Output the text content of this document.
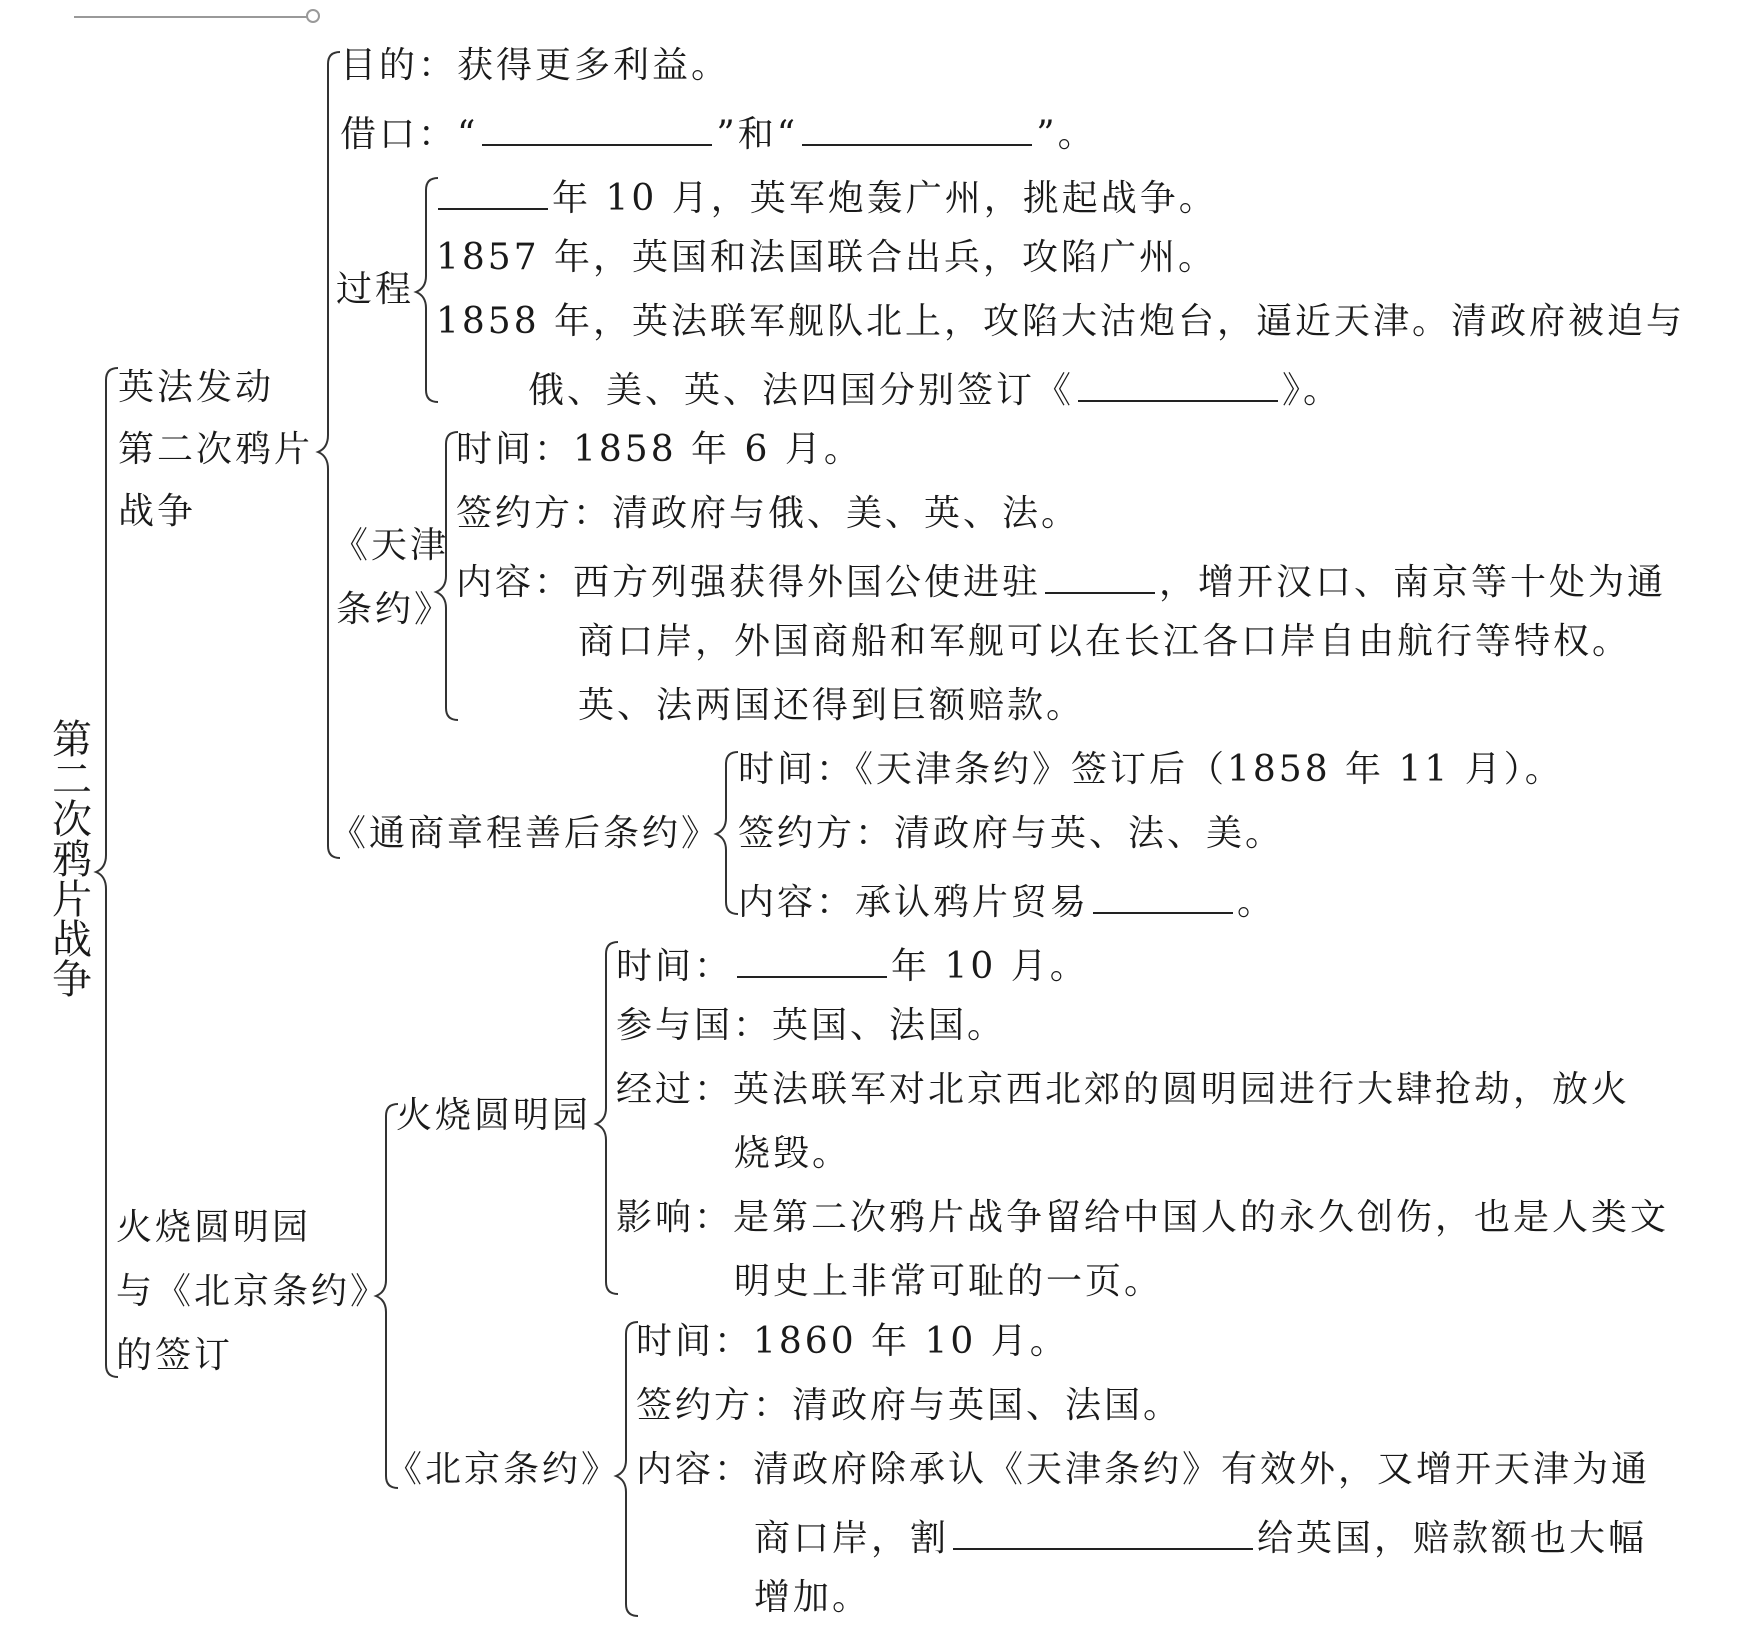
第二次鸦片战争
英法发动
第二次鸦片
战争
目的：获得更多利益。
借口：“	”和“	”。
过程
年 10 月，英军炮轰广州，挑起战争。
1857 年，英国和法国联合出兵，攻陷广州。
1858 年，英法联军舰队北上，攻陷大沽炮台，逼近天津。清政府被迫与
俄、美、英、法四国分别签订《	》。
《天津
条约》
时间：1858 年 6 月。
签约方：清政府与俄、美、英、法。
内容：西方列强获得外国公使进驻	，增开汉口、南京等十处为通
商口岸，外国商船和军舰可以在长江各口岸自由航行等特权。
英、法两国还得到巨额赔款。
《通商章程善后条约》
时间：《天津条约》签订后（1858 年 11 月）。
签约方：清政府与英、法、美。
内容：承认鸦片贸易	。
火烧圆明园
与《北京条约》
的签订
火烧圆明园
时间：	年 10 月。
参与国：英国、法国。
经过：英法联军对北京西北郊的圆明园进行大肆抢劫，放火
烧毁。
影响：是第二次鸦片战争留给中国人的永久创伤，也是人类文
明史上非常可耻的一页。
《北京条约》
时间：1860 年 10 月。
签约方：清政府与英国、法国。
内容：清政府除承认《天津条约》有效外，又增开天津为通
商口岸，割	给英国，赔款额也大幅
增加。
